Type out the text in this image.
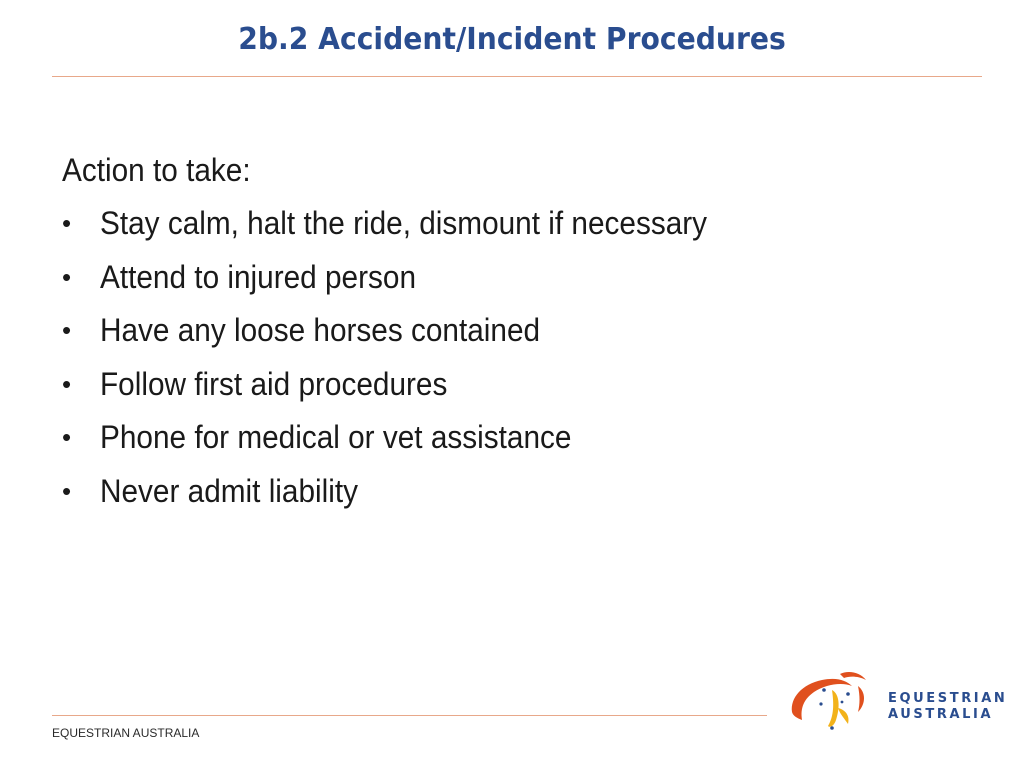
2b.2 Accident/Incident Procedures
Action to take:
• Stay calm, halt the ride, dismount if necessary
• Attend to injured person
• Have any loose horses contained
• Follow first aid procedures
• Phone for medical or vet assistance
• Never admit liability
EQUESTRIAN AUSTRALIA
EQUESTRIAN
AUSTRALIA
